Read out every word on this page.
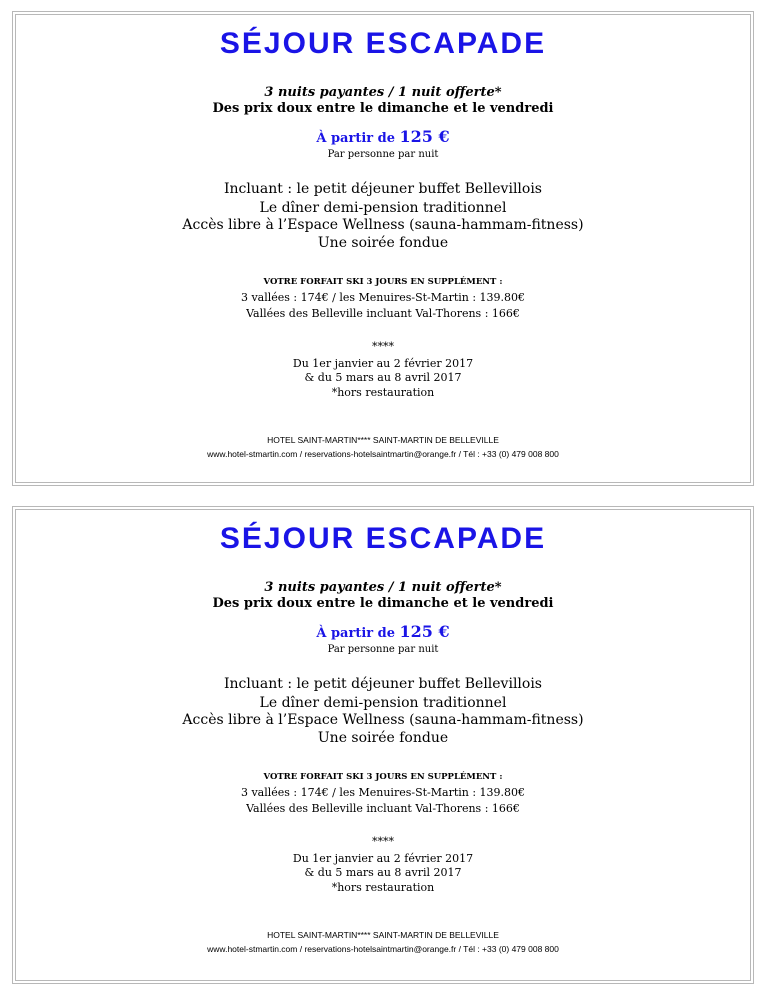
SÉJOUR ESCAPADE
3 nuits payantes / 1 nuit offerte*
Des prix doux entre le dimanche et le vendredi
À partir de 125 €
Par personne par nuit
Incluant : le petit déjeuner buffet Bellevillois
Le dîner demi-pension traditionnel
Accès libre à l’Espace Wellness (sauna-hammam-fitness)
Une soirée fondue
VOTRE FORFAIT SKI 3 JOURS EN SUPPLÉMENT :
3 vallées : 174€ / les Menuires-St-Martin : 139.80€
Vallées des Belleville incluant Val-Thorens : 166€
****
Du 1er janvier au 2 février 2017
& du 5 mars au 8 avril 2017
*hors restauration
HOTEL SAINT-MARTIN**** SAINT-MARTIN DE BELLEVILLE
www.hotel-stmartin.com / reservations-hotelsaintmartin@orange.fr / Tél : +33 (0) 479 008 800
SÉJOUR ESCAPADE
3 nuits payantes / 1 nuit offerte*
Des prix doux entre le dimanche et le vendredi
À partir de 125 €
Par personne par nuit
Incluant : le petit déjeuner buffet Bellevillois
Le dîner demi-pension traditionnel
Accès libre à l’Espace Wellness (sauna-hammam-fitness)
Une soirée fondue
VOTRE FORFAIT SKI 3 JOURS EN SUPPLÉMENT :
3 vallées : 174€ / les Menuires-St-Martin : 139.80€
Vallées des Belleville incluant Val-Thorens : 166€
****
Du 1er janvier au 2 février 2017
& du 5 mars au 8 avril 2017
*hors restauration
HOTEL SAINT-MARTIN**** SAINT-MARTIN DE BELLEVILLE
www.hotel-stmartin.com / reservations-hotelsaintmartin@orange.fr / Tél : +33 (0) 479 008 800
